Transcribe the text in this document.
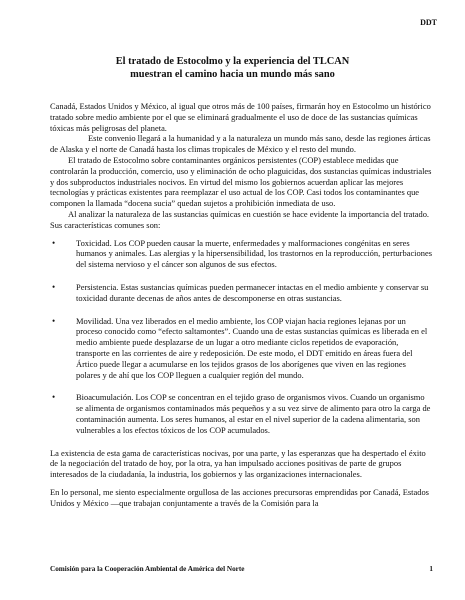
DDT
El tratado de Estocolmo y la experiencia del TLCAN
muestran el camino hacia un mundo más sano

Canadá, Estados Unidos y México, al igual que otros más de 100 países, firmarán hoy en Estocolmo un histórico tratado sobre medio ambiente por el que se eliminará gradualmente el uso de doce de las sustancias químicas tóxicas más peligrosas del planeta.

Este convenio llegará a la humanidad y a la naturaleza un mundo más sano, desde las regiones árticas de Alaska y el norte de Canadá hasta los climas tropicales de México y el resto del mundo.

El tratado de Estocolmo sobre contaminantes orgánicos persistentes (COP) establece medidas que controlarán la producción, comercio, uso y eliminación de ocho plaguicidas, dos sustancias químicas industriales y dos subproductos industriales nocivos. En virtud del mismo los gobiernos acuerdan aplicar las mejores tecnologías y prácticas existentes para reemplazar el uso actual de los COP. Casi todos los contaminantes que componen la llamada “docena sucia” quedan sujetos a prohibición inmediata de uso.

Al analizar la naturaleza de las sustancias químicas en cuestión se hace evidente la importancia del tratado. Sus características comunes son:

• Toxicidad. Los COP pueden causar la muerte, enfermedades y malformaciones congénitas en seres humanos y animales. Las alergias y la hipersensibilidad, los trastornos en la reproducción, perturbaciones del sistema nervioso y el cáncer son algunos de sus efectos.
• Persistencia. Estas sustancias químicas pueden permanecer intactas en el medio ambiente y conservar su toxicidad durante decenas de años antes de descomponerse en otras sustancias.
• Movilidad. Una vez liberados en el medio ambiente, los COP viajan hacia regiones lejanas por un proceso conocido como “efecto saltamontes”. Cuando una de estas sustancias químicas es liberada en el medio ambiente puede desplazarse de un lugar a otro mediante ciclos repetidos de evaporación, transporte en las corrientes de aire y redeposición. De este modo, el DDT emitido en áreas fuera del Ártico puede llegar a acumularse en los tejidos grasos de los aborígenes que viven en las regiones polares y de ahí que los COP lleguen a cualquier región del mundo.
• Bioacumulación. Los COP se concentran en el tejido graso de organismos vivos. Cuando un organismo se alimenta de organismos contaminados más pequeños y a su vez sirve de alimento para otro la carga de contaminación aumenta. Los seres humanos, al estar en el nivel superior de la cadena alimentaria, son vulnerables a los efectos tóxicos de los COP acumulados.

La existencia de esta gama de características nocivas, por una parte, y las esperanzas que ha despertado el éxito de la negociación del tratado de hoy, por la otra, ya han impulsado acciones positivas de parte de grupos interesados de la ciudadanía, la industria, los gobiernos y las organizaciones internacionales.

En lo personal, me siento especialmente orgullosa de las acciones precursoras emprendidas por Canadá, Estados Unidos y México —que trabajan conjuntamente a través de la Comisión para la

Comisión para la Cooperación Ambiental de América del Norte	1
